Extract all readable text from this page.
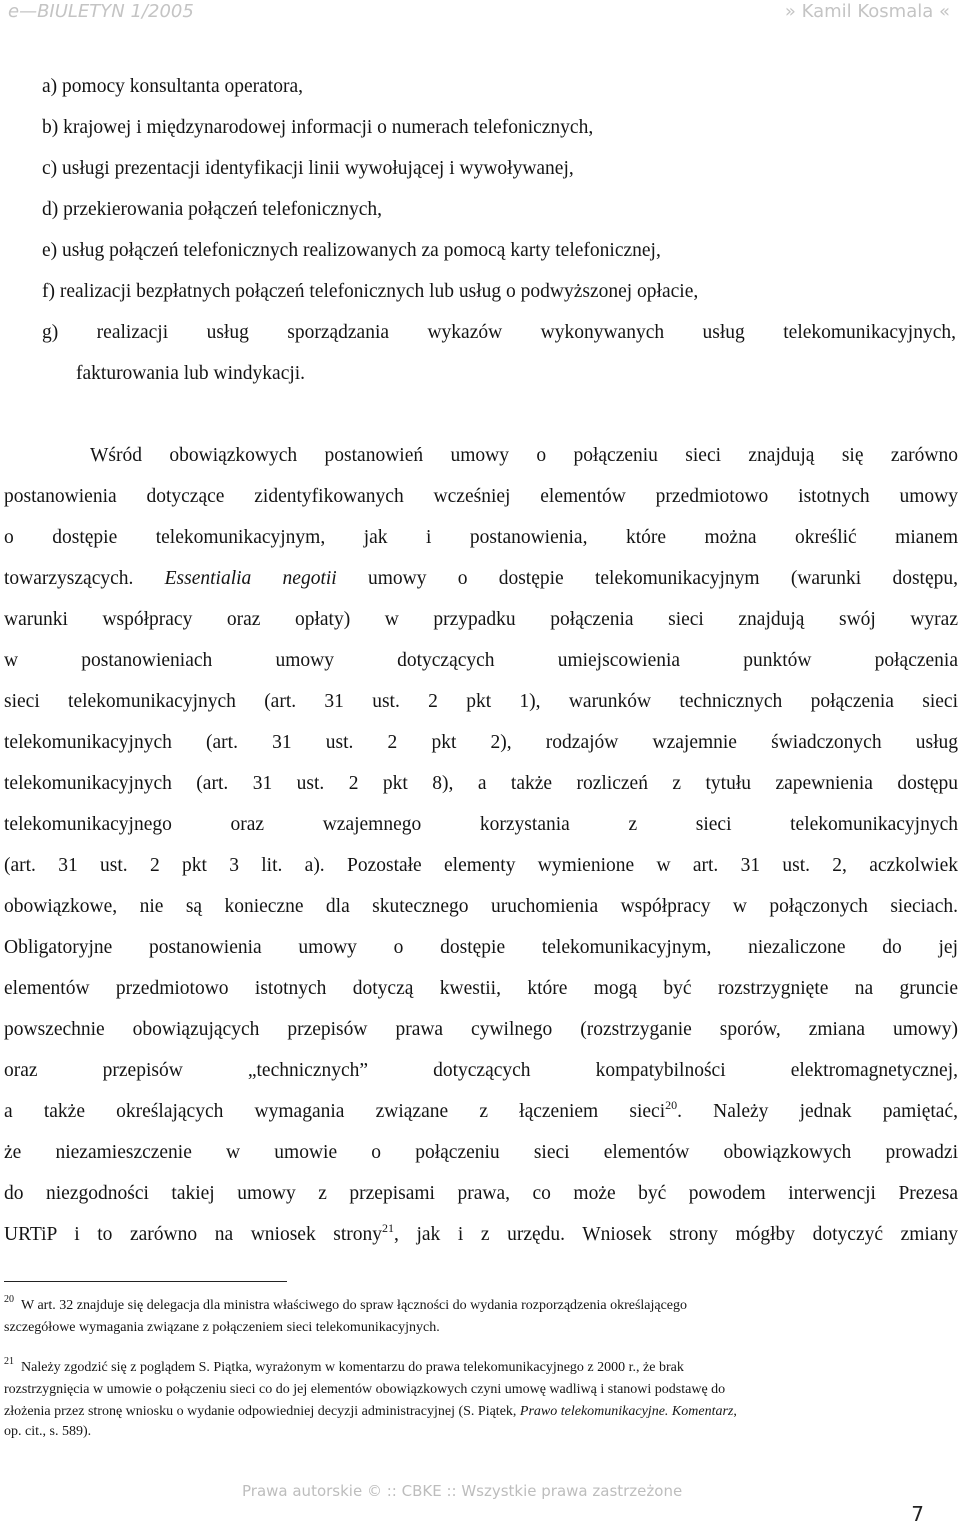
e—BIULETYN 1/2005	» Kamil Kosmala «
a) pomocy konsultanta operatora,
b) krajowej i międzynarodowej informacji o numerach telefonicznych,
c) usługi prezentacji identyfikacji linii wywołującej i wywoływanej,
d) przekierowania połączeń telefonicznych,
e) usług połączeń telefonicznych realizowanych za pomocą karty telefonicznej,
f) realizacji bezpłatnych połączeń telefonicznych lub usług o podwyższonej opłacie,
g) realizacji usług sporządzania wykazów wykonywanych usług telekomunikacyjnych,
fakturowania lub windykacji.
Wśród obowiązkowych postanowień umowy o połączeniu sieci znajdują się zarówno
postanowienia dotyczące zidentyfikowanych wcześniej elementów przedmiotowo istotnych umowy
o dostępie telekomunikacyjnym, jak i postanowienia, które można określić mianem
towarzyszących. Essentialia negotii umowy o dostępie telekomunikacyjnym (warunki dostępu,
warunki współpracy oraz opłaty) w przypadku połączenia sieci znajdują swój wyraz
w postanowieniach umowy dotyczących umiejscowienia punktów połączenia
sieci telekomunikacyjnych (art. 31 ust. 2 pkt 1), warunków technicznych połączenia sieci
telekomunikacyjnych (art. 31 ust. 2 pkt 2), rodzajów wzajemnie świadczonych usług
telekomunikacyjnych (art. 31 ust. 2 pkt 8), a także rozliczeń z tytułu zapewnienia dostępu
telekomunikacyjnego oraz wzajemnego korzystania z sieci telekomunikacyjnych
(art. 31 ust. 2 pkt 3 lit. a). Pozostałe elementy wymienione w art. 31 ust. 2, aczkolwiek
obowiązkowe, nie są konieczne dla skutecznego uruchomienia współpracy w połączonych sieciach.
Obligatoryjne postanowienia umowy o dostępie telekomunikacyjnym, niezaliczone do jej
elementów przedmiotowo istotnych dotyczą kwestii, które mogą być rozstrzygnięte na gruncie
powszechnie obowiązujących przepisów prawa cywilnego (rozstrzyganie sporów, zmiana umowy)
oraz przepisów „technicznych” dotyczących kompatybilności elektromagnetycznej,
a także określających wymagania związane z łączeniem sieci$^{20}$. Należy jednak pamiętać,
że niezamieszczenie w umowie o połączeniu sieci elementów obowiązkowych prowadzi
do niezgodności takiej umowy z przepisami prawa, co może być powodem interwencji Prezesa
URTiP i to zarówno na wniosek strony$^{21}$, jak i z urzędu. Wniosek strony mógłby dotyczyć zmiany
$^{20}$ W art. 32 znajduje się delegacja dla ministra właściwego do spraw łączności do wydania rozporządzenia określającego
szczegółowe wymagania związane z połączeniem sieci telekomunikacyjnych.
$^{21}$ Należy zgodzić się z poglądem S. Piątka, wyrażonym w komentarzu do prawa telekomunikacyjnego z 2000 r., że brak
rozstrzygnięcia w umowie o połączeniu sieci co do jej elementów obowiązkowych czyni umowę wadliwą i stanowi podstawę do
złożenia przez stronę wniosku o wydanie odpowiedniej decyzji administracyjnej (S. Piątek, Prawo telekomunikacyjne. Komentarz,
op. cit., s. 589).
Prawa autorskie © :: CBKE :: Wszystkie prawa zastrzeżone
7
